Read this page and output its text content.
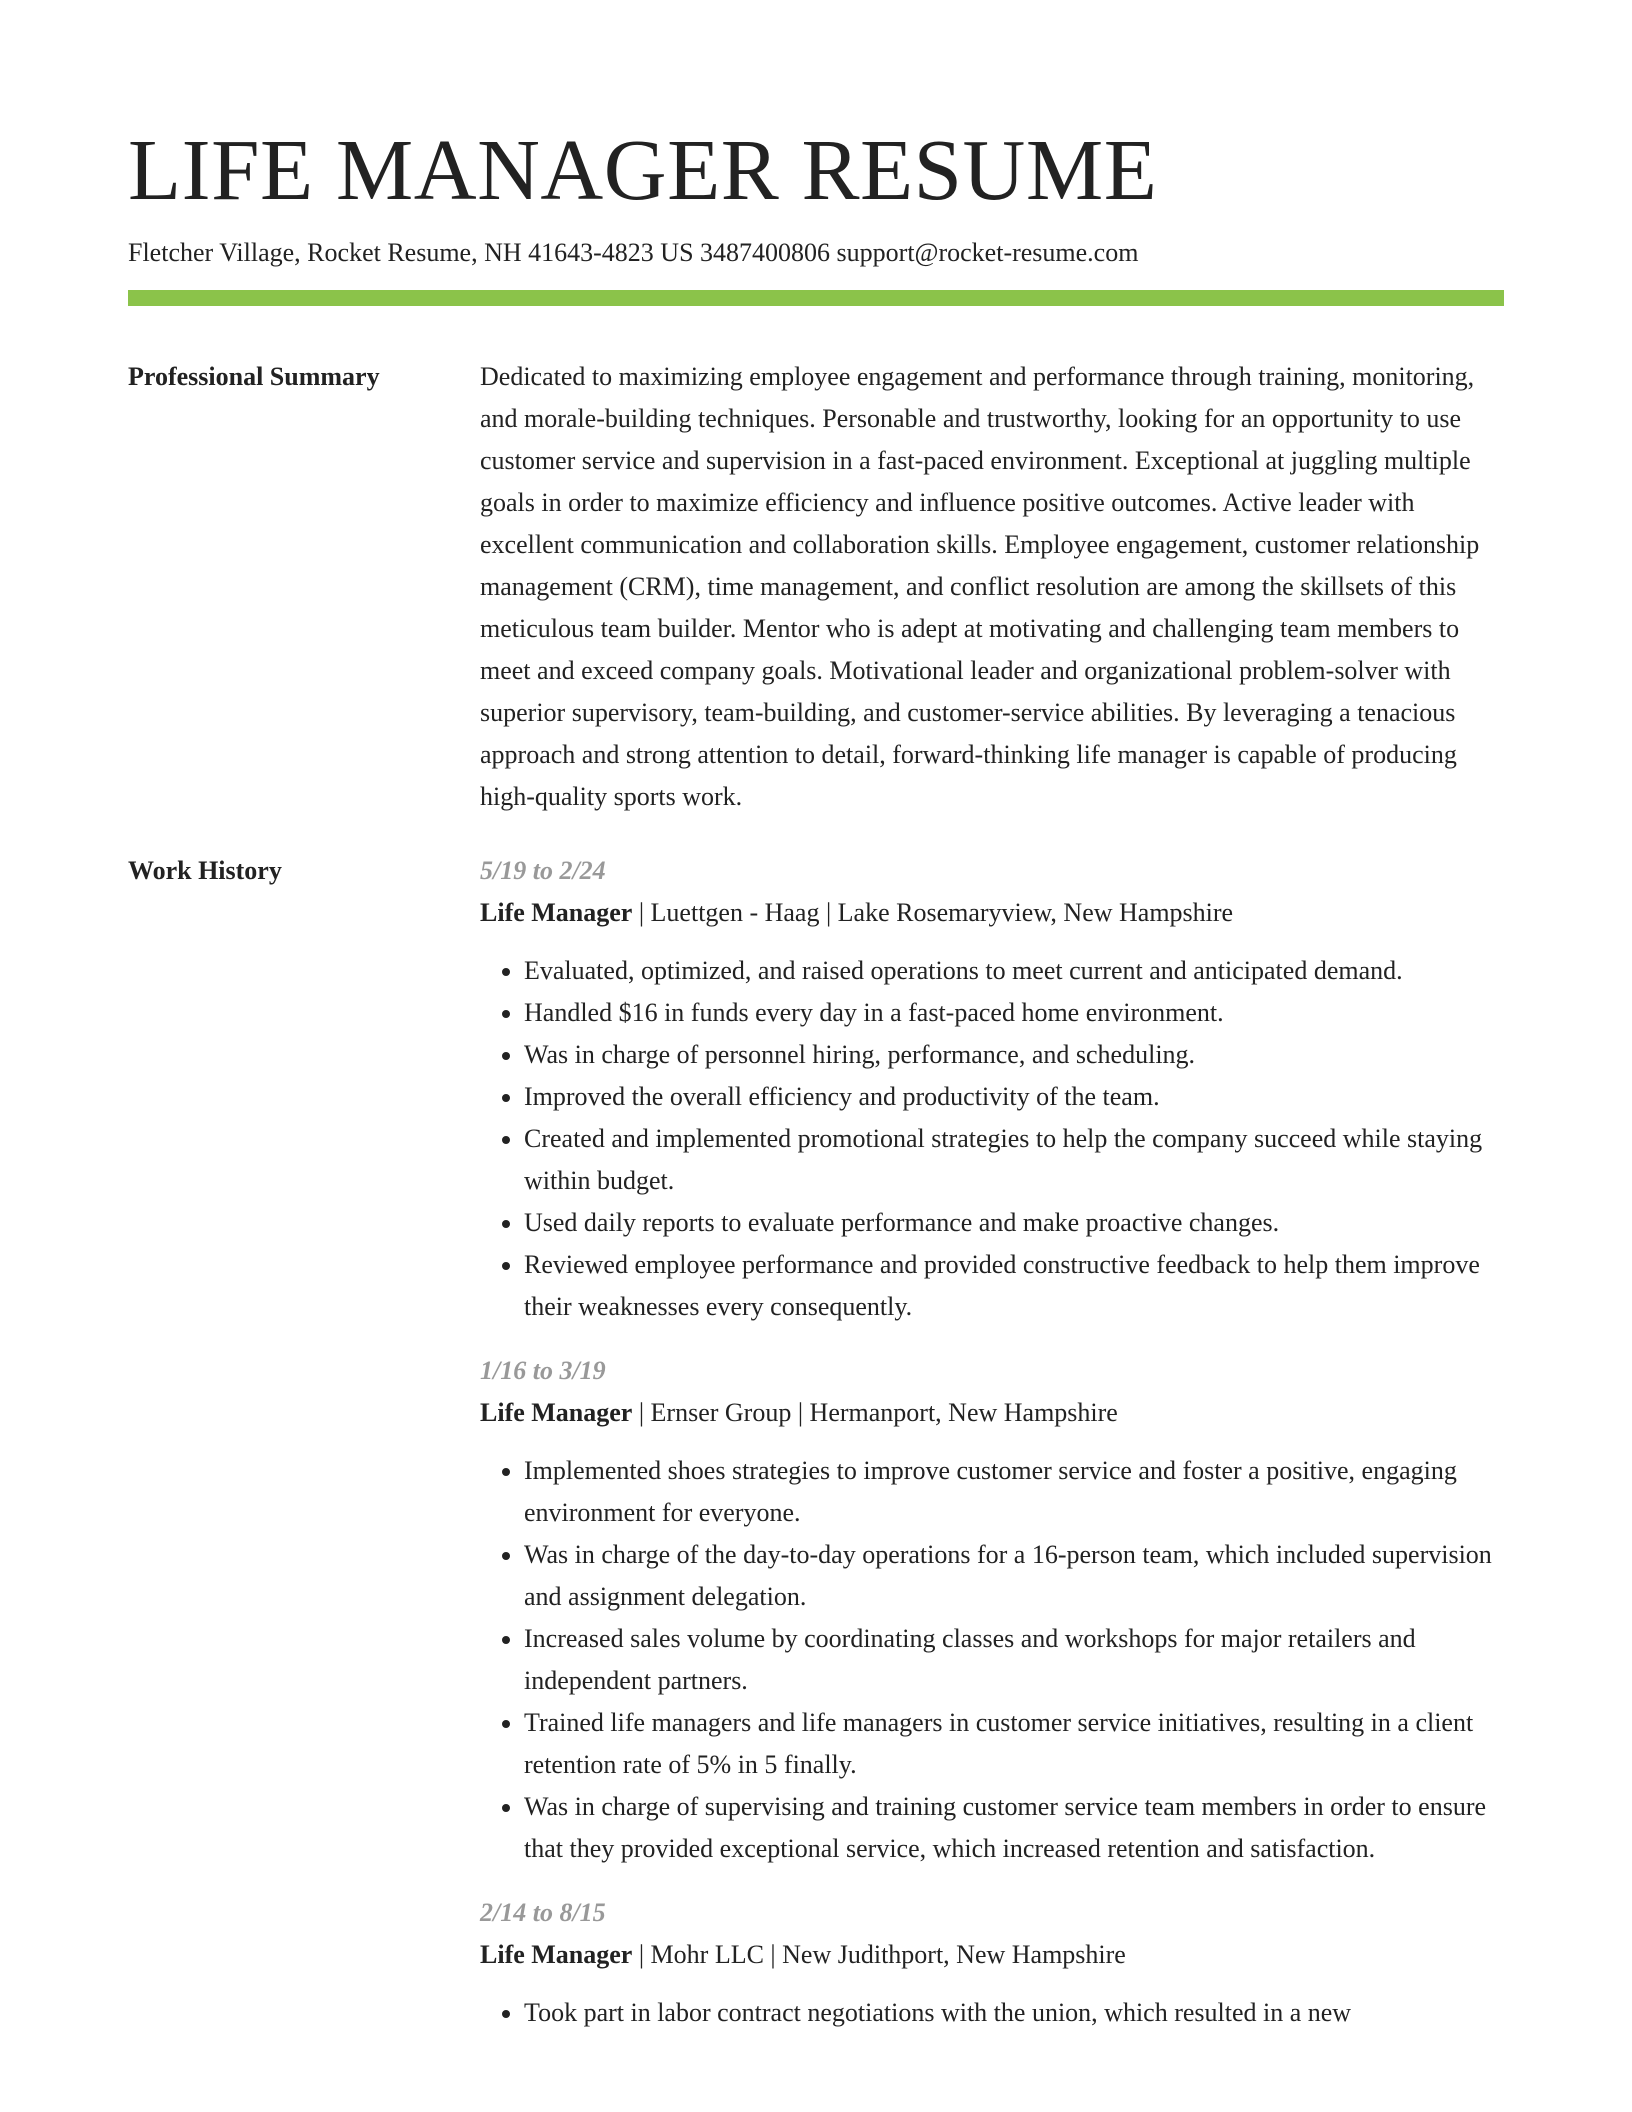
LIFE MANAGER RESUME
Fletcher Village, Rocket Resume, NH 41643-4823 US 3487400806 support@rocket-resume.com
Professional Summary	Dedicated to maximizing employee engagement and performance through training, monitoring, and morale-building techniques. Personable and trustworthy, looking for an opportunity to use customer service and supervision in a fast-paced environment. Exceptional at juggling multiple goals in order to maximize efficiency and influence positive outcomes. Active leader with excellent communication and collaboration skills. Employee engagement, customer relationship management (CRM), time management, and conflict resolution are among the skillsets of this meticulous team builder. Mentor who is adept at motivating and challenging team members to meet and exceed company goals. Motivational leader and organizational problem-solver with superior supervisory, team-building, and customer-service abilities. By leveraging a tenacious approach and strong attention to detail, forward-thinking life manager is capable of producing high-quality sports work.

Work History	5/19 to 2/24
Life Manager | Luettgen - Haag | Lake Rosemaryview, New Hampshire
• Evaluated, optimized, and raised operations to meet current and anticipated demand.
• Handled $16 in funds every day in a fast-paced home environment.
• Was in charge of personnel hiring, performance, and scheduling.
• Improved the overall efficiency and productivity of the team.
• Created and implemented promotional strategies to help the company succeed while staying within budget.
• Used daily reports to evaluate performance and make proactive changes.
• Reviewed employee performance and provided constructive feedback to help them improve their weaknesses every consequently.
1/16 to 3/19
Life Manager | Ernser Group | Hermanport, New Hampshire
• Implemented shoes strategies to improve customer service and foster a positive, engaging environment for everyone.
• Was in charge of the day-to-day operations for a 16-person team, which included supervision and assignment delegation.
• Increased sales volume by coordinating classes and workshops for major retailers and independent partners.
• Trained life managers and life managers in customer service initiatives, resulting in a client retention rate of 5% in 5 finally.
• Was in charge of supervising and training customer service team members in order to ensure that they provided exceptional service, which increased retention and satisfaction.
2/14 to 8/15
Life Manager | Mohr LLC | New Judithport, New Hampshire
• Took part in labor contract negotiations with the union, which resulted in a new
